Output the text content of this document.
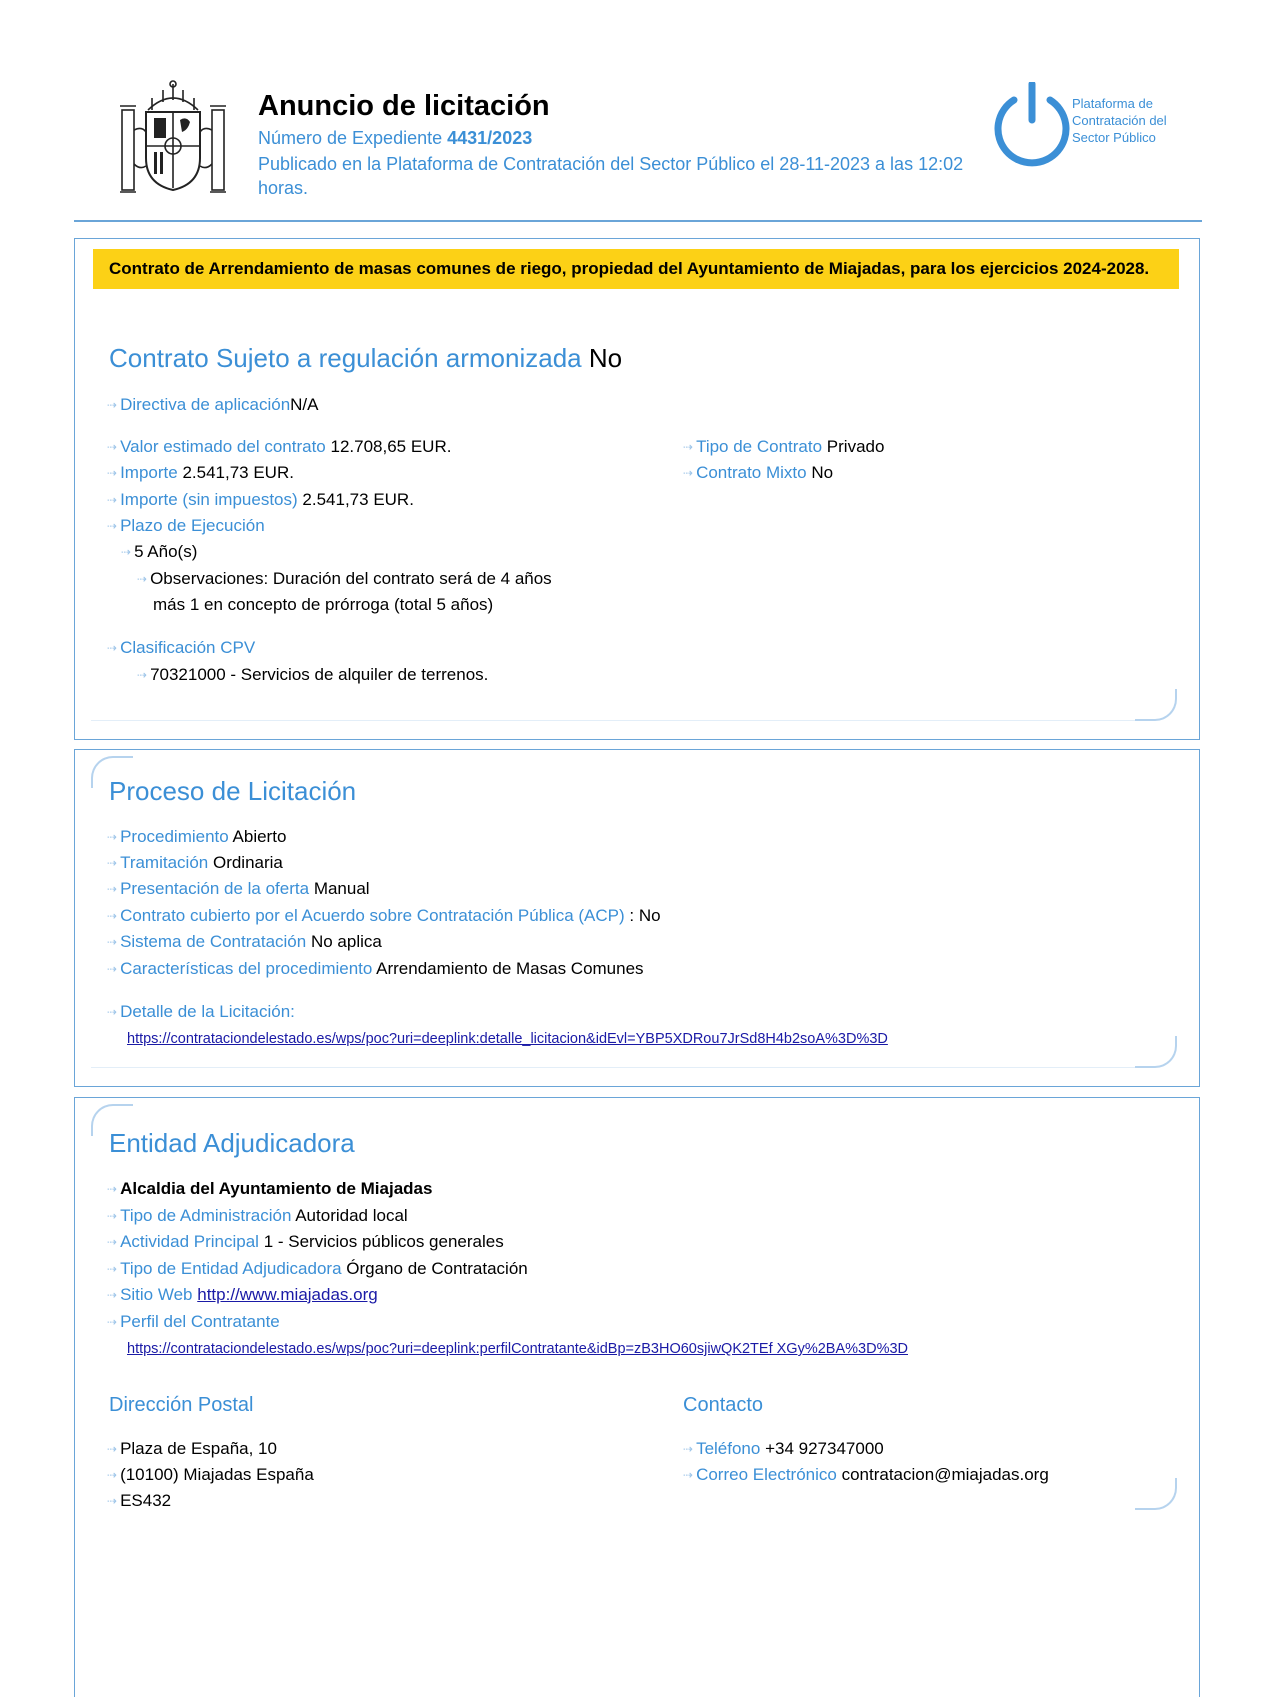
Anuncio de licitación
Número de Expediente 4431/2023
Publicado en la Plataforma de Contratación del Sector Público el 28-11-2023 a las 12:02 horas.
Plataforma de Contratación del Sector Público
Contrato de Arrendamiento de masas comunes de riego, propiedad del Ayuntamiento de Miajadas, para los ejercicios 2024-2028.
Contrato Sujeto a regulación armonizada No
⇢ Directiva de aplicaciónN/A
⇢ Valor estimado del contrato 12.708,65 EUR.
⇢ Importe 2.541,73 EUR.
⇢ Importe (sin impuestos) 2.541,73 EUR.
⇢ Plazo de Ejecución
⇢ 5 Año(s)
⇢ Observaciones: Duración del contrato será de 4 años
más 1 en concepto de prórroga (total 5 años)
⇢ Clasificación CPV
⇢ 70321000 - Servicios de alquiler de terrenos.
⇢ Tipo de Contrato Privado
⇢ Contrato Mixto No
Proceso de Licitación
⇢ Procedimiento Abierto
⇢ Tramitación Ordinaria
⇢ Presentación de la oferta Manual
⇢ Contrato cubierto por el Acuerdo sobre Contratación Pública (ACP) : No
⇢ Sistema de Contratación No aplica
⇢ Características del procedimiento Arrendamiento de Masas Comunes
⇢ Detalle de la Licitación:
https://contrataciondelestado.es/wps/poc?uri=deeplink:detalle_licitacion&idEvl=YBP5XDRou7JrSd8H4b2soA%3D%3D
Entidad Adjudicadora
⇢ Alcaldia del Ayuntamiento de Miajadas
⇢ Tipo de Administración Autoridad local
⇢ Actividad Principal 1 - Servicios públicos generales
⇢ Tipo de Entidad Adjudicadora Órgano de Contratación
⇢ Sitio Web http://www.miajadas.org
⇢ Perfil del Contratante
https://contrataciondelestado.es/wps/poc?uri=deeplink:perfilContratante&idBp=zB3HO60sjiwQK2TEf XGy%2BA%3D%3D
Dirección Postal
⇢ Plaza de España, 10
⇢ (10100) Miajadas España
⇢ ES432
Contacto
⇢ Teléfono +34 927347000
⇢ Correo Electrónico contratacion@miajadas.org
